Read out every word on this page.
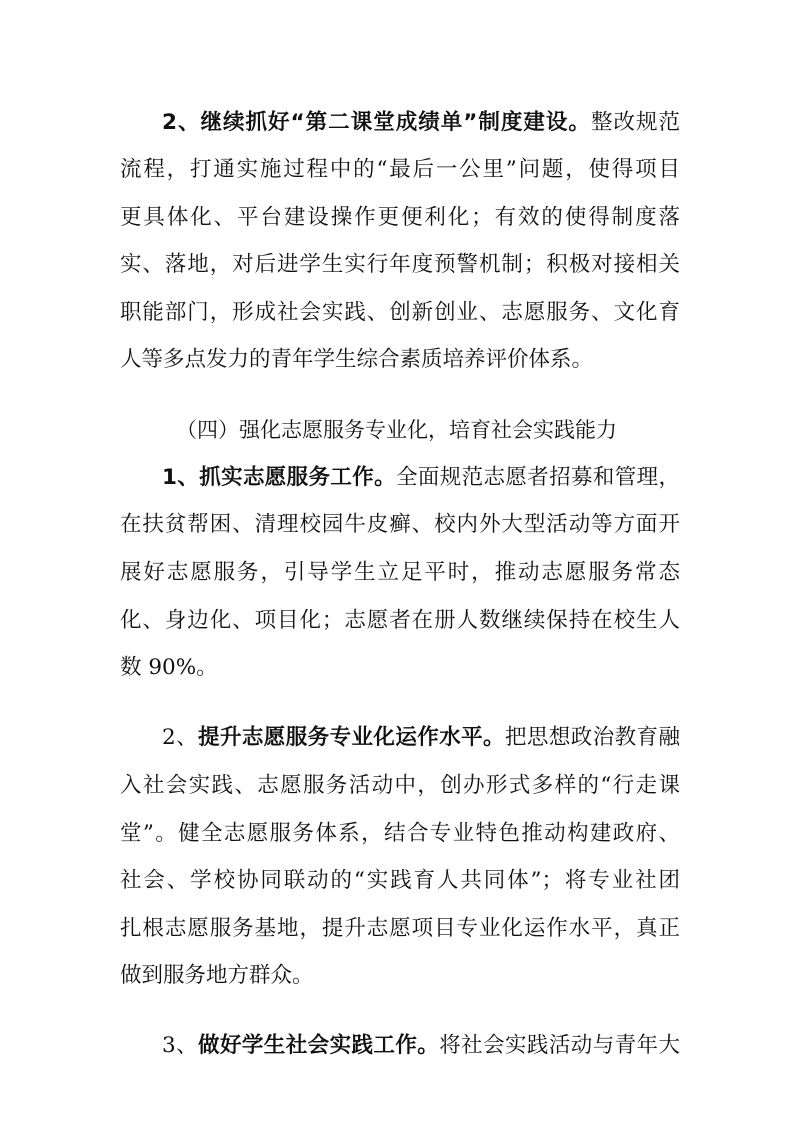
2、继续抓好“第二课堂成绩单”制度建设。整改规范
流程，打通实施过程中的“最后一公里”问题，使得项目
更具体化、平台建设操作更便利化；有效的使得制度落
实、落地，对后进学生实行年度预警机制；积极对接相关
职能部门，形成社会实践、创新创业、志愿服务、文化育
人等多点发力的青年学生综合素质培养评价体系。
（四）强化志愿服务专业化，培育社会实践能力
1、抓实志愿服务工作。全面规范志愿者招募和管理，
在扶贫帮困、清理校园牛皮癣、校内外大型活动等方面开
展好志愿服务，引导学生立足平时，推动志愿服务常态
化、身边化、项目化；志愿者在册人数继续保持在校生人
数 90%。
2、提升志愿服务专业化运作水平。把思想政治教育融
入社会实践、志愿服务活动中，创办形式多样的“行走课
堂”。健全志愿服务体系，结合专业特色推动构建政府、
社会、学校协同联动的“实践育人共同体”；将专业社团
扎根志愿服务基地，提升志愿项目专业化运作水平，真正
做到服务地方群众。
3、做好学生社会实践工作。将社会实践活动与青年大
